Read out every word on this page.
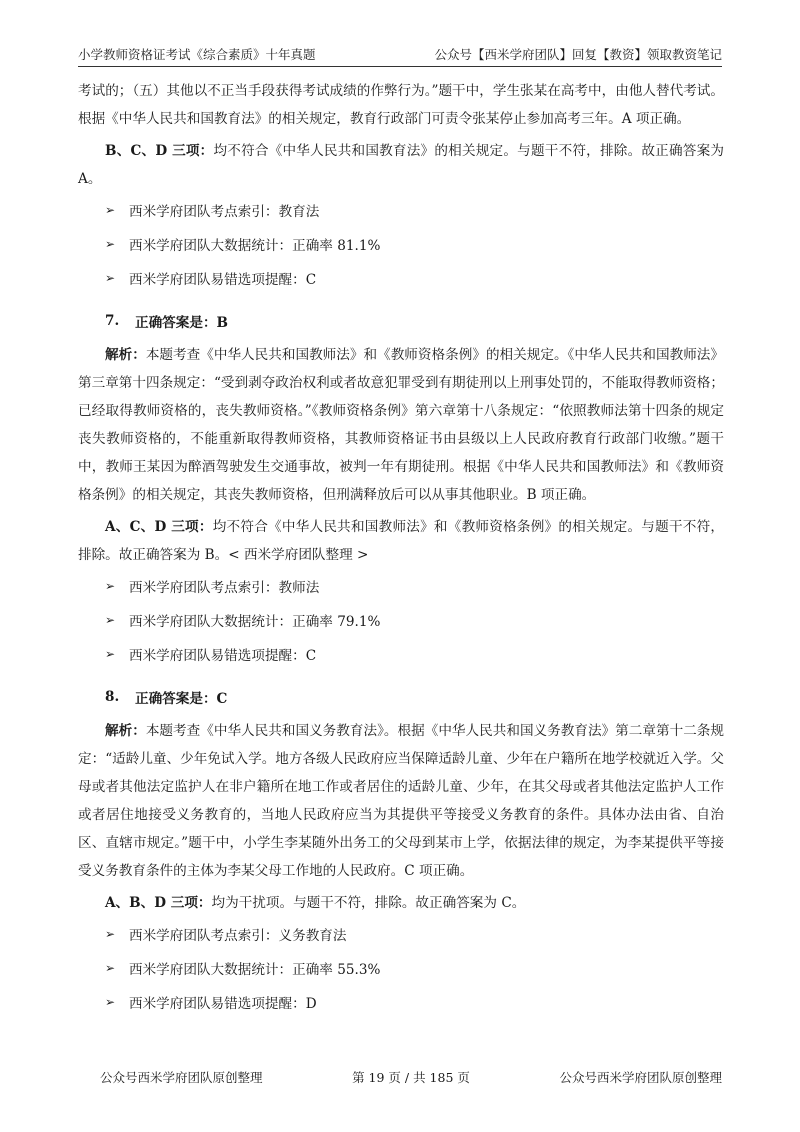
小学教师资格证考试《综合素质》十年真题	公众号【西米学府团队】回复【教资】领取教资笔记

考试的；（五）其他以不正当手段获得考试成绩的作弊行为。”题干中，学生张某在高考中，由他人替代考试。根据《中华人民共和国教育法》的相关规定，教育行政部门可责令张某停止参加高考三年。A 项正确。

B、C、D 三项：均不符合《中华人民共和国教育法》的相关规定。与题干不符，排除。故正确答案为A。

➢	西米学府团队考点索引：教育法
➢	西米学府团队大数据统计：正确率 81.1%
➢	西米学府团队易错选项提醒：C
7.	正确答案是：B

解析：本题考查《中华人民共和国教师法》和《教师资格条例》的相关规定。《中华人民共和国教师法》第三章第十四条规定：“受到剥夺政治权利或者故意犯罪受到有期徒刑以上刑事处罚的，不能取得教师资格；已经取得教师资格的，丧失教师资格。”《教师资格条例》第六章第十八条规定：“依照教师法第十四条的规定丧失教师资格的，不能重新取得教师资格，其教师资格证书由县级以上人民政府教育行政部门收缴。”题干中，教师王某因为醉酒驾驶发生交通事故，被判一年有期徒刑。根据《中华人民共和国教师法》和《教师资格条例》的相关规定，其丧失教师资格，但刑满释放后可以从事其他职业。B 项正确。

A、C、D 三项：均不符合《中华人民共和国教师法》和《教师资格条例》的相关规定。与题干不符，排除。故正确答案为 B。< 西米学府团队整理 >

➢	西米学府团队考点索引：教师法
➢	西米学府团队大数据统计：正确率 79.1%
➢	西米学府团队易错选项提醒：C
8.	正确答案是：C

解析：本题考查《中华人民共和国义务教育法》。根据《中华人民共和国义务教育法》第二章第十二条规定：“适龄儿童、少年免试入学。地方各级人民政府应当保障适龄儿童、少年在户籍所在地学校就近入学。父母或者其他法定监护人在非户籍所在地工作或者居住的适龄儿童、少年，在其父母或者其他法定监护人工作或者居住地接受义务教育的，当地人民政府应当为其提供平等接受义务教育的条件。具体办法由省、自治区、直辖市规定。”题干中，小学生李某随外出务工的父母到某市上学，依据法律的规定，为李某提供平等接受义务教育条件的主体为李某父母工作地的人民政府。C 项正确。

A、B、D 三项：均为干扰项。与题干不符，排除。故正确答案为 C。

➢	西米学府团队考点索引：义务教育法
➢	西米学府团队大数据统计：正确率 55.3%
➢	西米学府团队易错选项提醒：D
公众号西米学府团队原创整理	第 19 页 / 共 185 页	公众号西米学府团队原创整理
